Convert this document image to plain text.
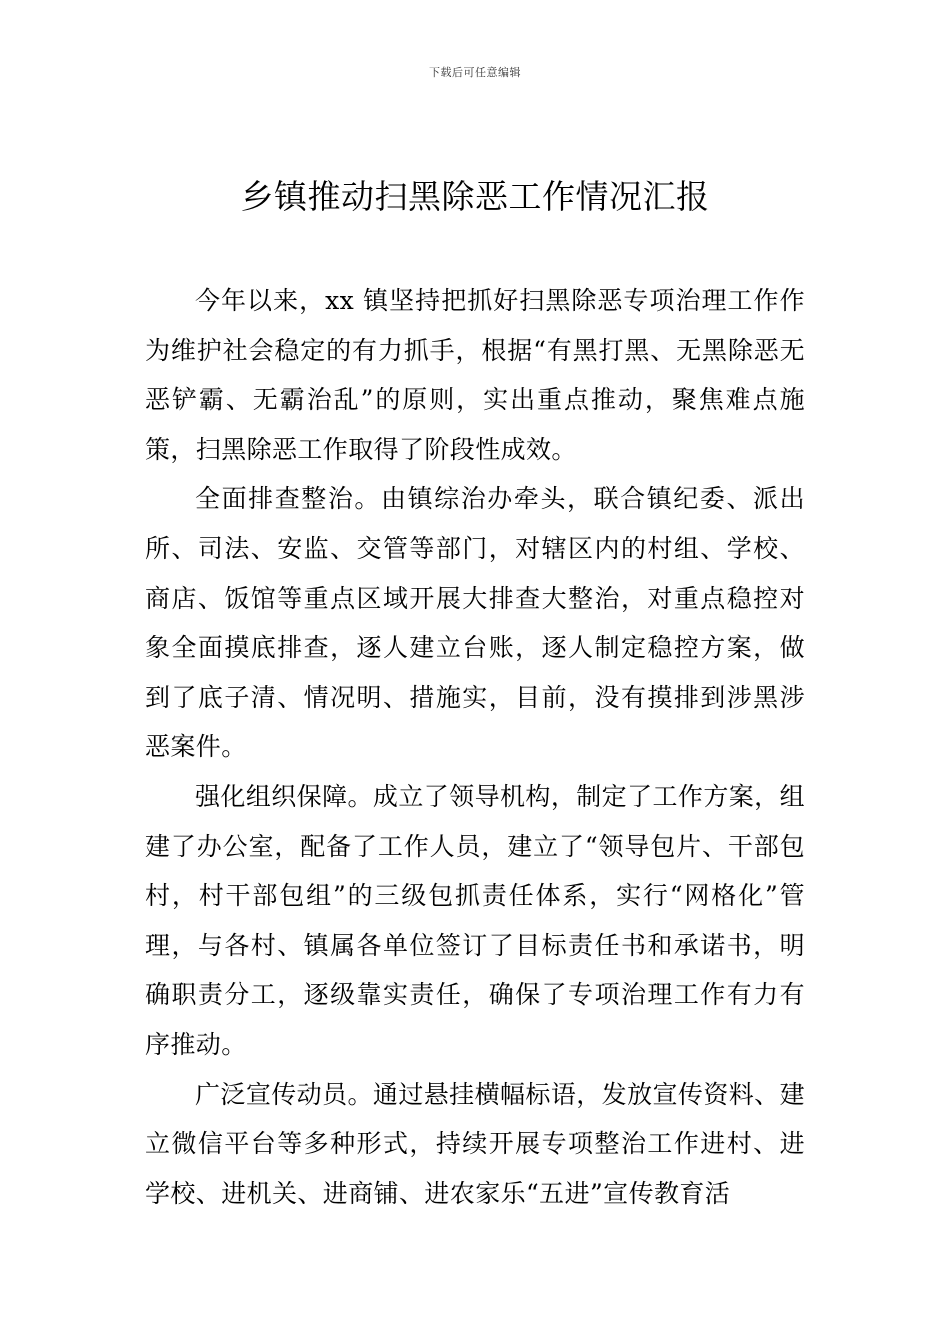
下载后可任意编辑
乡镇推动扫黑除恶工作情况汇报

今年以来，xx 镇坚持把抓好扫黑除恶专项治理工作作为维护社会稳定的有力抓手，根据“有黑打黑、无黑除恶无恶铲霸、无霸治乱”的原则，实出重点推动，聚焦难点施策，扫黑除恶工作取得了阶段性成效。

全面排查整治。由镇综治办牵头，联合镇纪委、派出所、司法、安监、交管等部门，对辖区内的村组、学校、商店、饭馆等重点区域开展大排查大整治，对重点稳控对象全面摸底排查，逐人建立台账，逐人制定稳控方案，做到了底子清、情况明、措施实，目前，没有摸排到涉黑涉恶案件。

强化组织保障。成立了领导机构，制定了工作方案，组建了办公室，配备了工作人员，建立了“领导包片、干部包村，村干部包组”的三级包抓责任体系，实行“网格化”管理，与各村、镇属各单位签订了目标责任书和承诺书，明确职责分工，逐级靠实责任，确保了专项治理工作有力有序推动。

广泛宣传动员。通过悬挂横幅标语，发放宣传资料、建立微信平台等多种形式，持续开展专项整治工作进村、进学校、进机关、进商铺、进农家乐“五进”宣传教育活
